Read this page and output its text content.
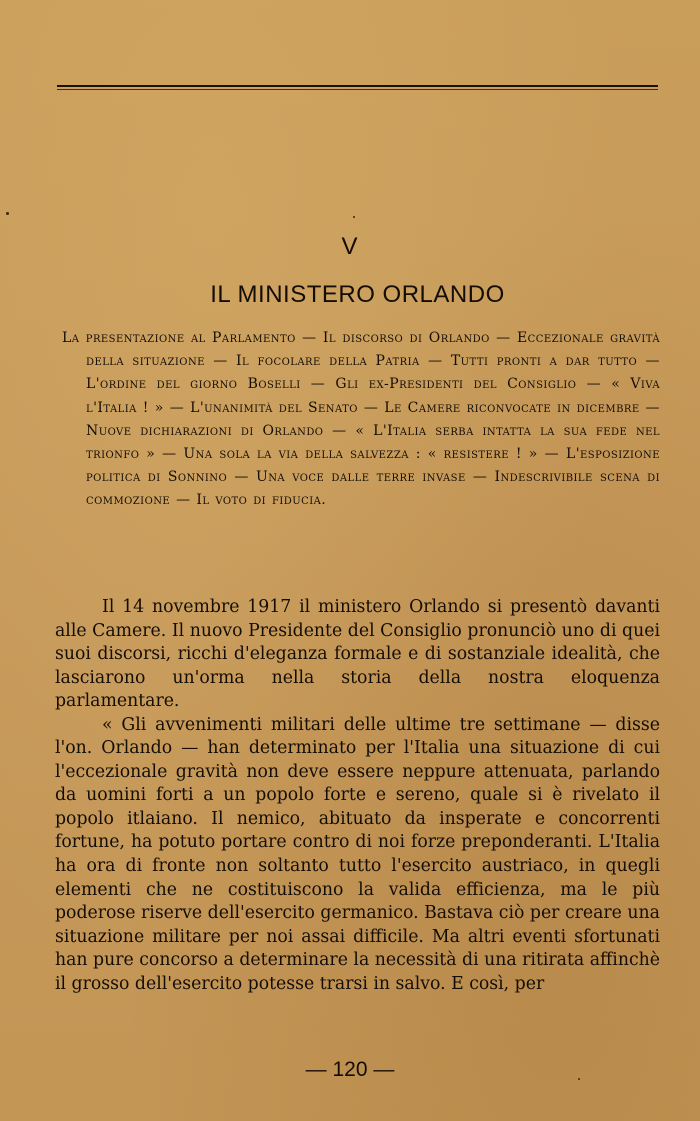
V
IL MINISTERO ORLANDO

La presentazione al Parlamento — Il discorso di Orlando — Eccezionale gravità della situazione — Il focolare della Patria — Tutti pronti a dar tutto — L'ordine del giorno Boselli — Gli ex-Presidenti del Consiglio — « Viva l'Italia ! » — L'unanimità del Senato — Le Camere riconvocate in dicembre — Nuove dichiarazioni di Orlando — « L'Italia serba intatta la sua fede nel trionfo » — Una sola la via della salvezza : « resistere ! » — L'esposizione politica di Sonnino — Una voce dalle terre invase — Indescrivibile scena di commozione — Il voto di fiducia.

Il 14 novembre 1917 il ministero Orlando si presentò davanti alle Camere. Il nuovo Presidente del Consiglio pronunciò uno di quei suoi discorsi, ricchi d'eleganza formale e di sostanziale idealità, che lasciarono un'orma nella storia della nostra eloquenza parlamentare.

« Gli avvenimenti militari delle ultime tre settimane — disse l'on. Orlando — han determinato per l'Italia una situazione di cui l'eccezionale gravità non deve essere neppure attenuata, parlando da uomini forti a un popolo forte e sereno, quale si è rivelato il popolo itlaiano. Il nemico, abituato da insperate e concorrenti fortune, ha potuto portare contro di noi forze preponderanti. L'Italia ha ora di fronte non soltanto tutto l'esercito austriaco, in quegli elementi che ne costituiscono la valida efficienza, ma le più poderose riserve dell'esercito germanico. Bastava ciò per creare una situazione militare per noi assai difficile. Ma altri eventi sfortunati han pure concorso a determinare la necessità di una ritirata affinchè il grosso dell'esercito potesse trarsi in salvo. E così, per

— 120 —
